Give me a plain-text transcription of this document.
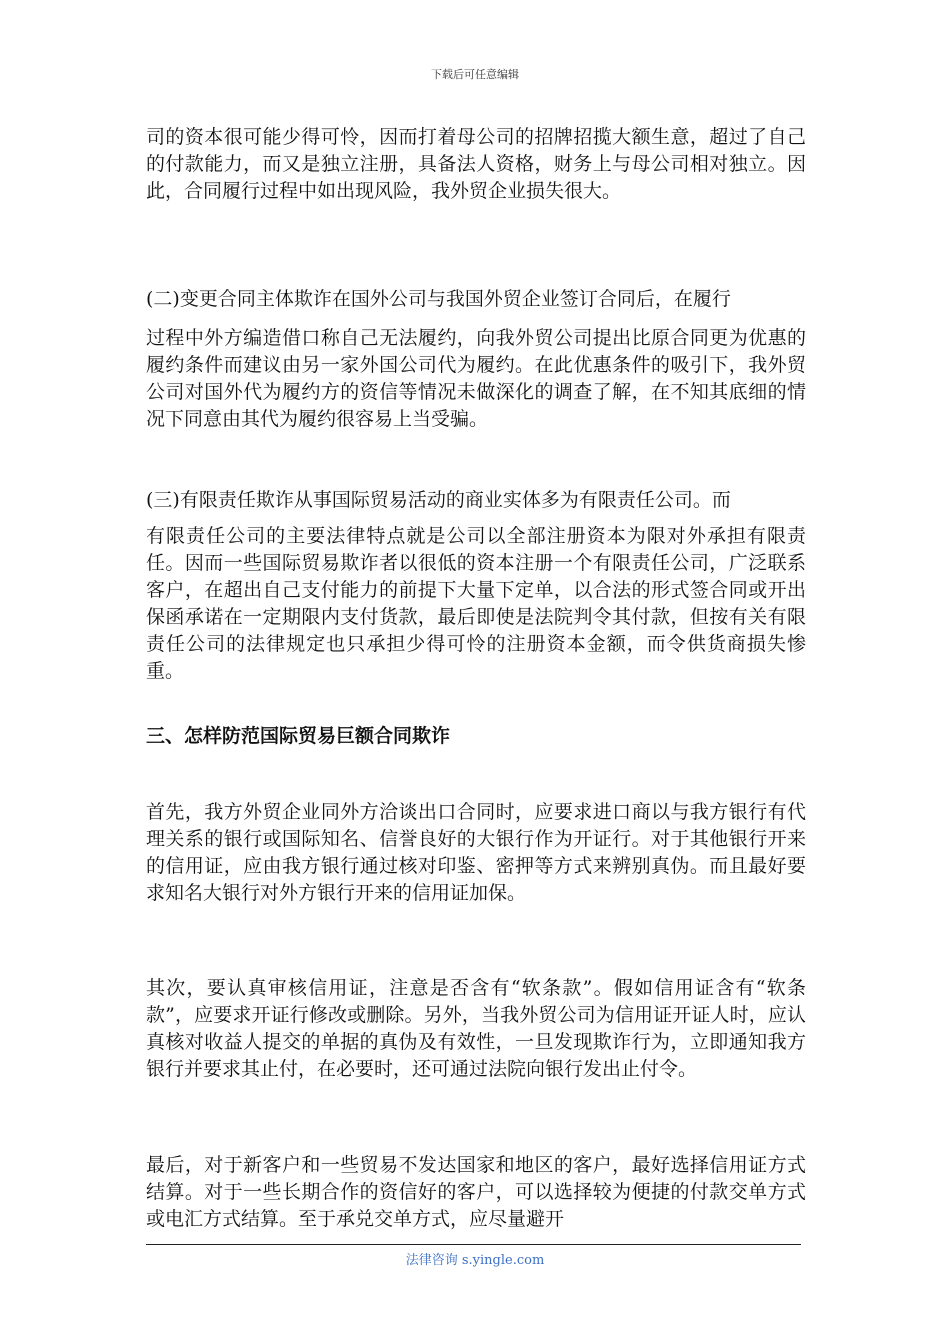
下载后可任意编辑

司的资本很可能少得可怜，因而打着母公司的招牌招揽大额生意，超过了自己的付款能力，而又是独立注册，具备法人资格，财务上与母公司相对独立。因此，合同履行过程中如出现风险，我外贸企业损失很大。

(二)变更合同主体欺诈在国外公司与我国外贸企业签订合同后，在履行

过程中外方编造借口称自己无法履约，向我外贸公司提出比原合同更为优惠的履约条件而建议由另一家外国公司代为履约。在此优惠条件的吸引下，我外贸公司对国外代为履约方的资信等情况未做深化的调查了解，在不知其底细的情况下同意由其代为履约很容易上当受骗。

(三)有限责任欺诈从事国际贸易活动的商业实体多为有限责任公司。而

有限责任公司的主要法律特点就是公司以全部注册资本为限对外承担有限责任。因而一些国际贸易欺诈者以很低的资本注册一个有限责任公司，广泛联系客户，在超出自己支付能力的前提下大量下定单，以合法的形式签合同或开出保函承诺在一定期限内支付货款，最后即使是法院判令其付款，但按有关有限责任公司的法律规定也只承担少得可怜的注册资本金额，而令供货商损失惨重。

三、怎样防范国际贸易巨额合同欺诈

首先，我方外贸企业同外方洽谈出口合同时，应要求进口商以与我方银行有代理关系的银行或国际知名、信誉良好的大银行作为开证行。对于其他银行开来的信用证，应由我方银行通过核对印鉴、密押等方式来辨别真伪。而且最好要求知名大银行对外方银行开来的信用证加保。

其次，要认真审核信用证，注意是否含有“软条款”。假如信用证含有“软条款”，应要求开证行修改或删除。另外，当我外贸公司为信用证开证人时，应认真核对收益人提交的单据的真伪及有效性，一旦发现欺诈行为，立即通知我方银行并要求其止付，在必要时，还可通过法院向银行发出止付令。

最后，对于新客户和一些贸易不发达国家和地区的客户，最好选择信用证方式结算。对于一些长期合作的资信好的客户，可以选择较为便捷的付款交单方式或电汇方式结算。至于承兑交单方式，应尽量避开

法律咨询 s.yingle.com
